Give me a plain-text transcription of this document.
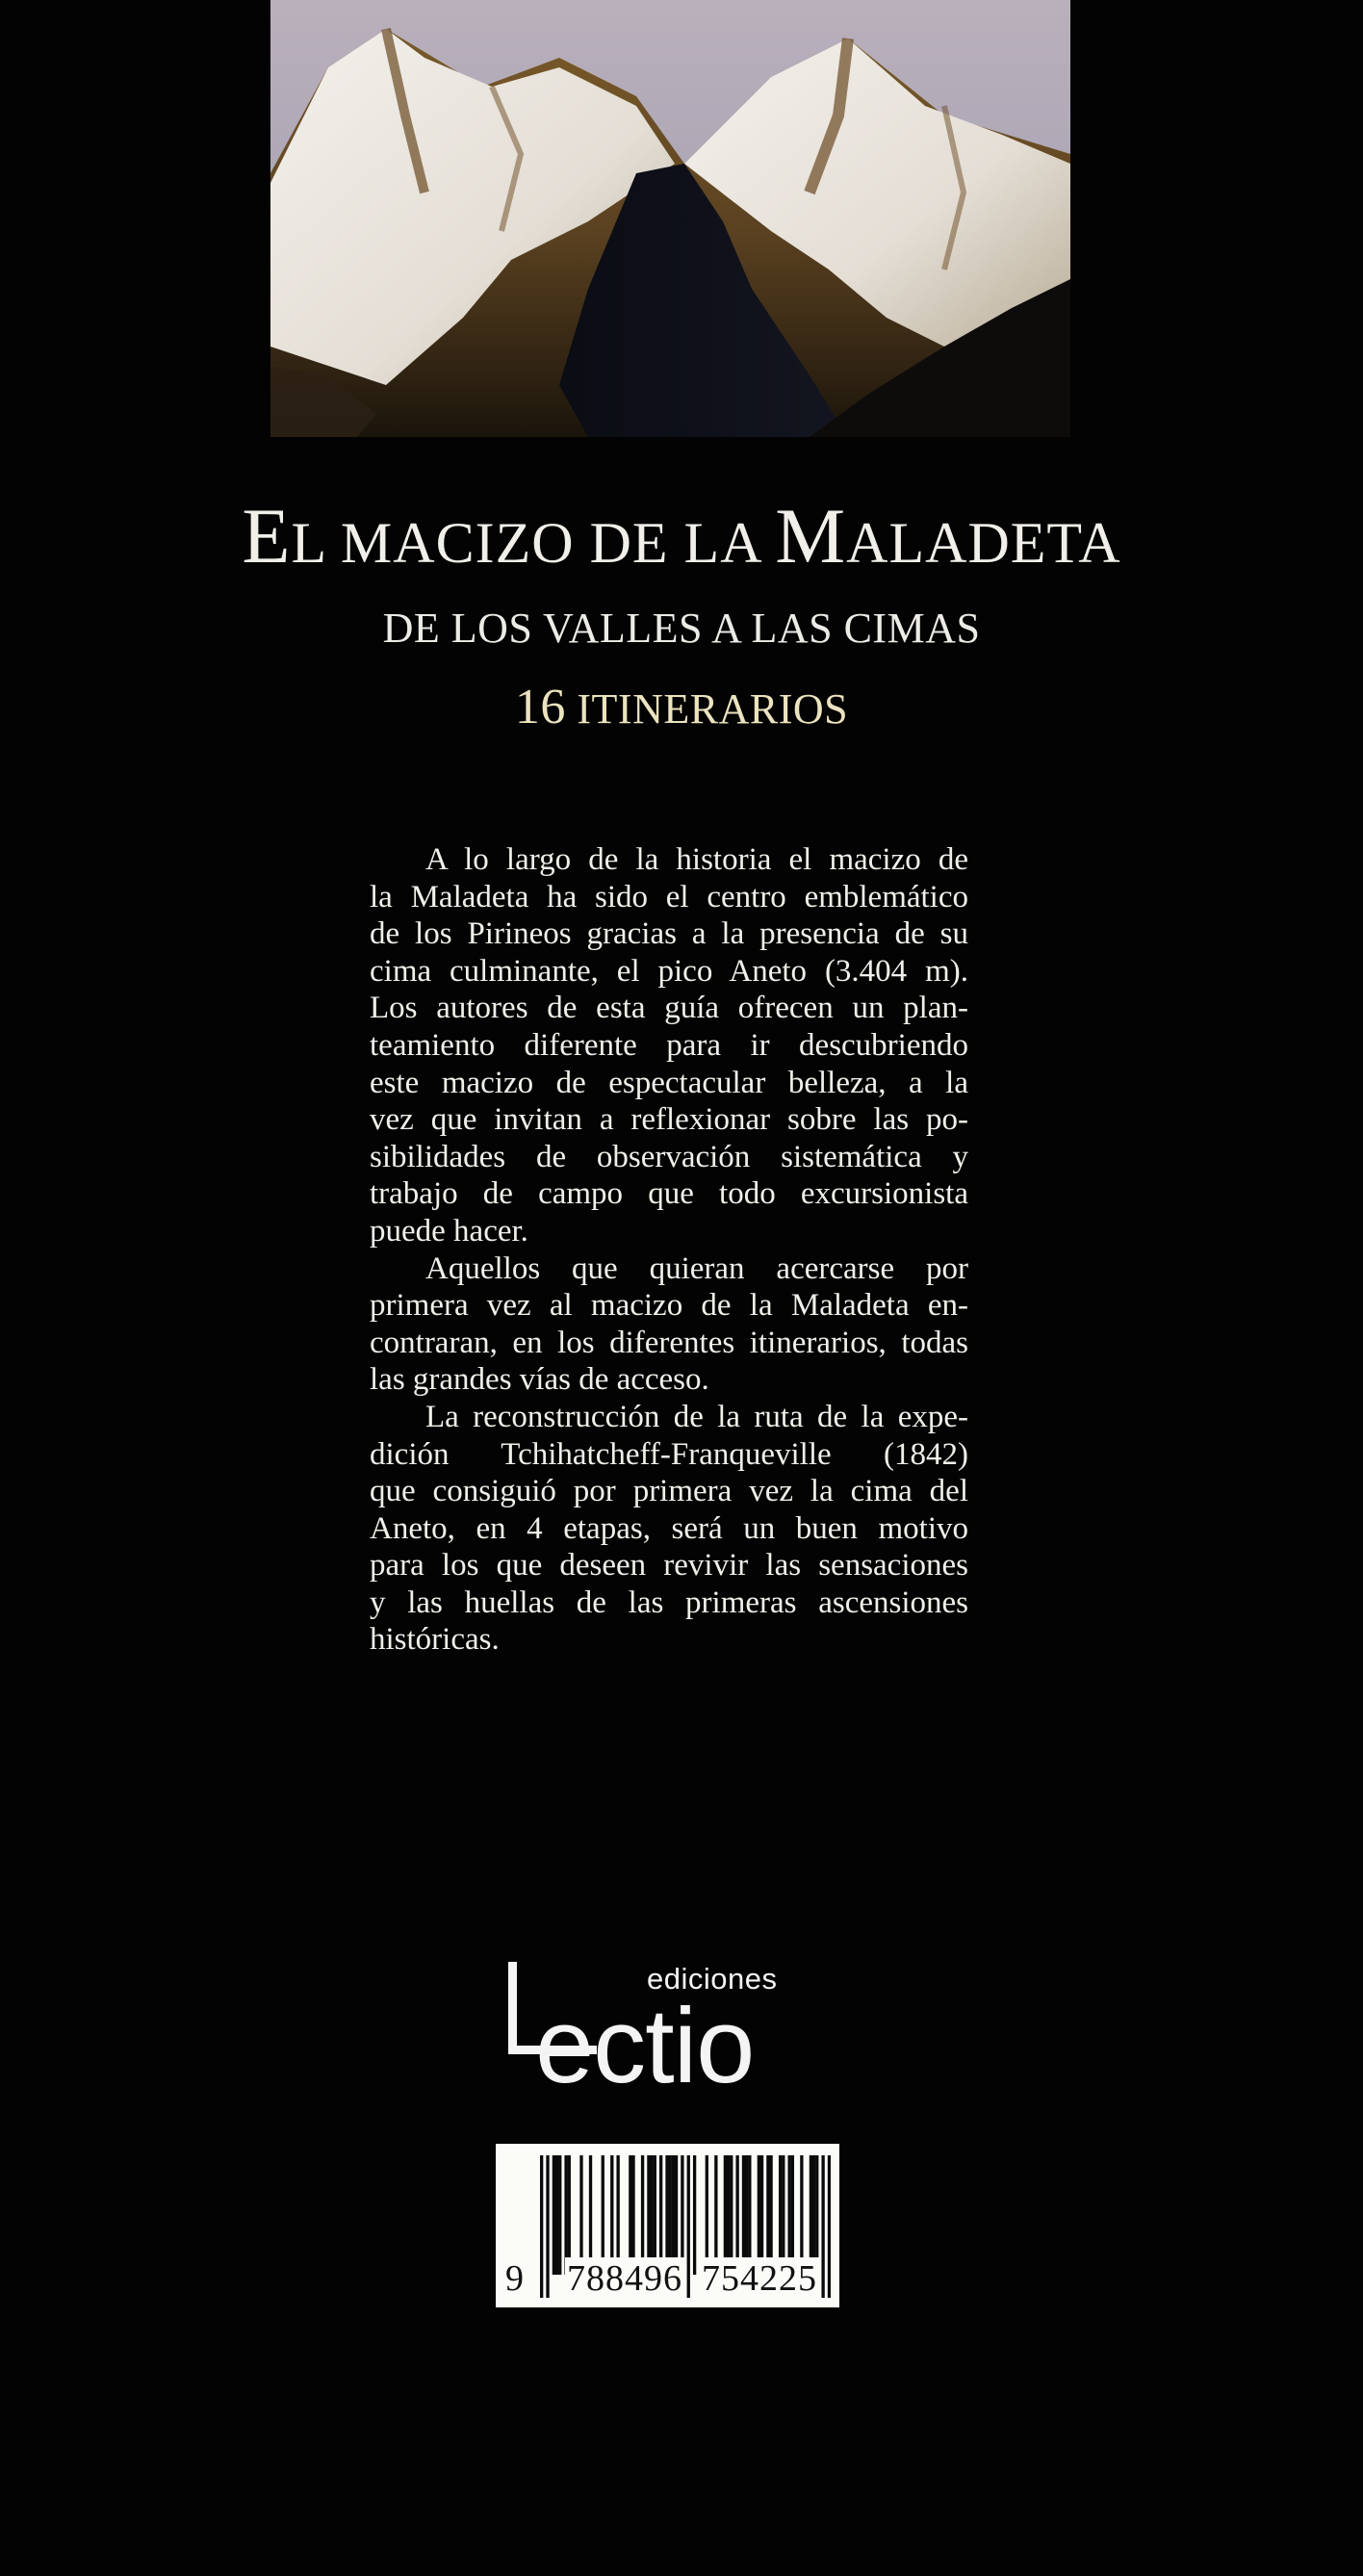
EL MACIZO DE LA MALADETA
DE LOS VALLES A LAS CIMAS
16 ITINERARIOS
A lo largo de la historia el macizo de
la Maladeta ha sido el centro emblemático
de los Pirineos gracias a la presencia de su
cima culminante, el pico Aneto (3.404 m).
Los autores de esta guía ofrecen un plan-
teamiento diferente para ir descubriendo
este macizo de espectacular belleza, a la
vez que invitan a reflexionar sobre las po-
sibilidades de observación sistemática y
trabajo de campo que todo excursionista
puede hacer.
Aquellos que quieran acercarse por
primera vez al macizo de la Maladeta en-
contraran, en los diferentes itinerarios, todas
las grandes vías de acceso.
La reconstrucción de la ruta de la expe-
dición Tchihatcheff-Franqueville (1842)
que consiguió por primera vez la cima del
Aneto, en 4 etapas, será un buen motivo
para los que deseen revivir las sensaciones
y las huellas de las primeras ascensiones
históricas.
ediciones
ectio
9 788496 754225
